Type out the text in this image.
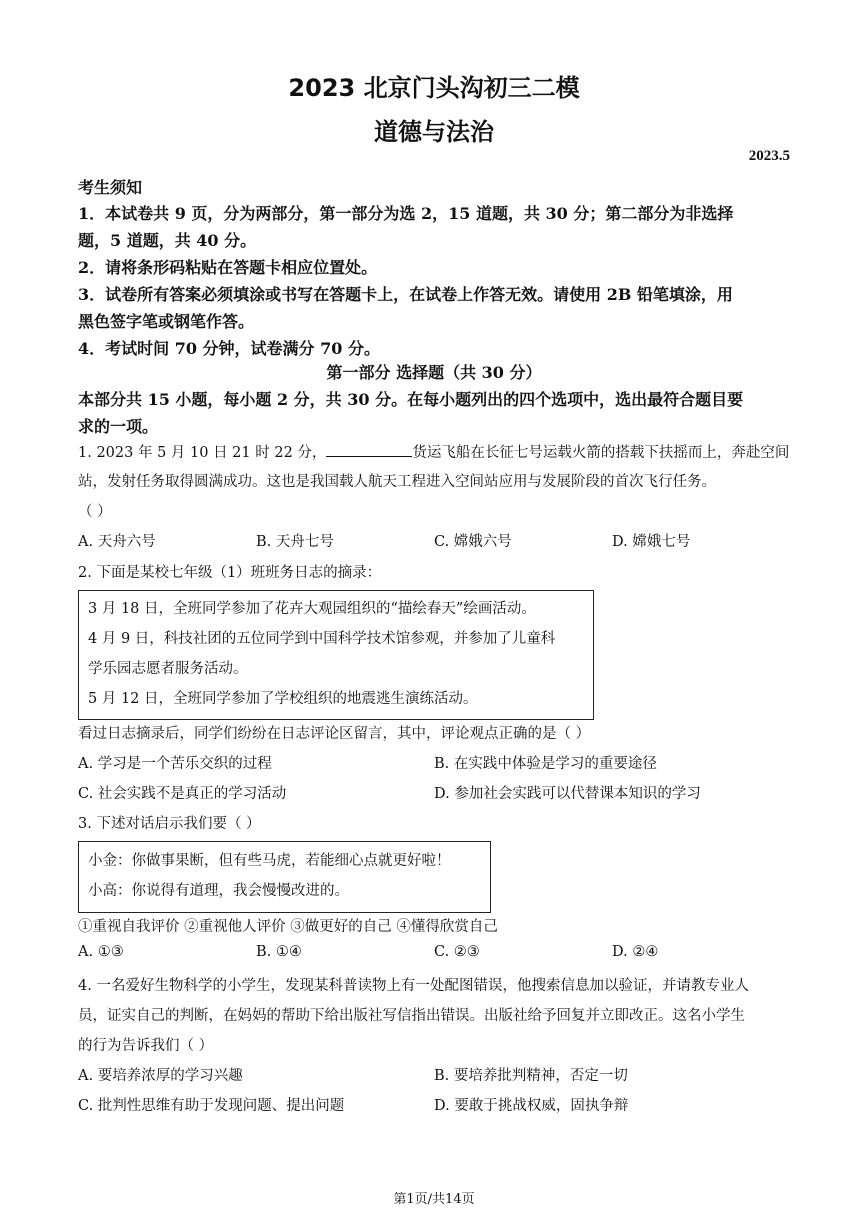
2023 北京门头沟初三二模
道德与法治
2023.5
考生须知
1．本试卷共 9 页，分为两部分，第一部分为选 2，15 道题，共 30 分；第二部分为非选择
题，5 道题，共 40 分。
2．请将条形码粘贴在答题卡相应位置处。
3．试卷所有答案必须填涂或书写在答题卡上，在试卷上作答无效。请使用 2B 铅笔填涂，用
黑色签字笔或钢笔作答。
4．考试时间 70 分钟，试卷满分 70 分。
第一部分 选择题（共 30 分）
本部分共 15 小题，每小题 2 分，共 30 分。在每小题列出的四个选项中，选出最符合题目要
求的一项。
1. 2023 年 5 月 10 日 21 时 22 分，	货运飞船在长征七号运载火箭的搭载下扶摇而上，奔赴空间
站，发射任务取得圆满成功。这也是我国载人航天工程进入空间站应用与发展阶段的首次飞行任务。
（ ）
A. 天舟六号	B. 天舟七号	C. 嫦娥六号	D. 嫦娥七号
2. 下面是某校七年级（1）班班务日志的摘录：
3 月 18 日，全班同学参加了花卉大观园组织的“描绘春天”绘画活动。
4 月 9 日，科技社团的五位同学到中国科学技术馆参观，并参加了儿童科
学乐园志愿者服务活动。
5 月 12 日，全班同学参加了学校组织的地震逃生演练活动。
看过日志摘录后，同学们纷纷在日志评论区留言，其中，评论观点正确的是（ ）
A. 学习是一个苦乐交织的过程	B. 在实践中体验是学习的重要途径
C. 社会实践不是真正的学习活动	D. 参加社会实践可以代替课本知识的学习
3. 下述对话启示我们要（ ）
小金：你做事果断，但有些马虎，若能细心点就更好啦！
小高：你说得有道理，我会慢慢改进的。
①重视自我评价 ②重视他人评价 ③做更好的自己 ④懂得欣赏自己
A. ①③	B. ①④	C. ②③	D. ②④
4. 一名爱好生物科学的小学生，发现某科普读物上有一处配图错误，他搜索信息加以验证，并请教专业人
员，证实自己的判断，在妈妈的帮助下给出版社写信指出错误。出版社给予回复并立即改正。这名小学生
的行为告诉我们（ ）
A. 要培养浓厚的学习兴趣	B. 要培养批判精神，否定一切
C. 批判性思维有助于发现问题、提出问题	D. 要敢于挑战权威，固执争辩
第1页/共14页
